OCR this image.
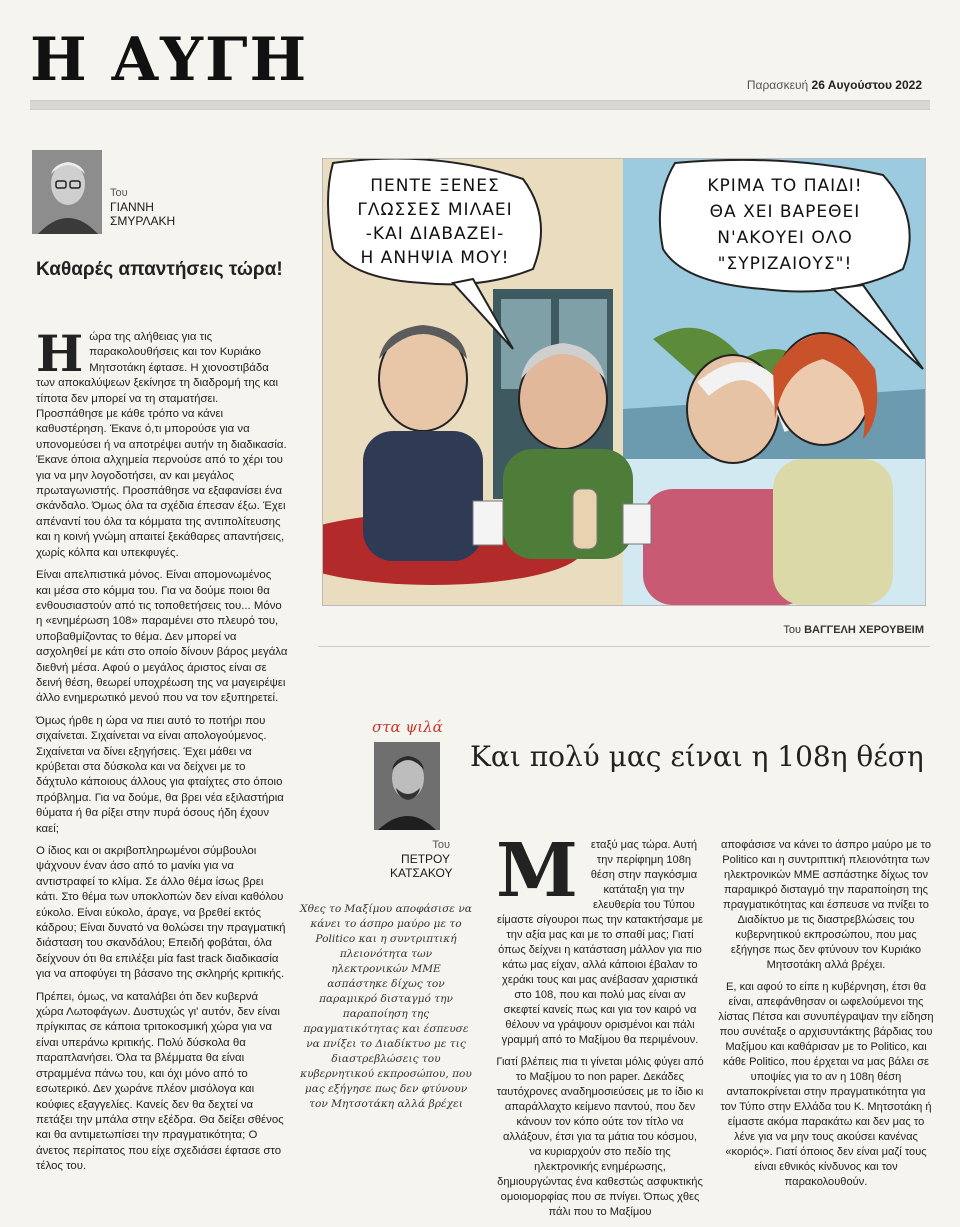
Η ΑΥΓΗ	Παρασκευή 26 Αυγούστου 2022
Του
ΓΙΑΝΝΗ ΣΜΥΡΛΑΚΗ
Καθαρές απαντήσεις τώρα!

Ηώρα της αλήθειας για τις παρακολουθήσεις και τον Κυριάκο Μητσοτάκη έφτασε. Η χιονοστιβάδα των αποκαλύψεων ξεκίνησε τη διαδρομή της και τίποτα δεν μπορεί να τη σταματήσει. Προσπάθησε με κάθε τρόπο να κάνει καθυστέρηση. Έκανε ό,τι μπορούσε για να υπονομεύσει ή να αποτρέψει αυτήν τη διαδικασία. Έκανε όποια αλχημεία περνούσε από το χέρι του για να μην λογοδοτήσει, αν και μεγάλος πρωταγωνιστής. Προσπάθησε να εξαφανίσει ένα σκάνδαλο. Όμως όλα τα σχέδια έπεσαν έξω. Έχει απέναντί του όλα τα κόμματα της αντιπολίτευσης και η κοινή γνώμη απαιτεί ξεκάθαρες απαντήσεις, χωρίς κόλπα και υπεκφυγές.

Είναι απελπιστικά μόνος. Είναι απομονωμένος και μέσα στο κόμμα του. Για να δούμε ποιοι θα ενθουσιαστούν από τις τοποθετήσεις του... Μόνο η «ενημέρωση 108» παραμένει στο πλευρό του, υποβαθμίζοντας το θέμα. Δεν μπορεί να ασχοληθεί με κάτι στο οποίο δίνουν βάρος μεγάλα διεθνή μέσα. Αφού ο μεγάλος άριστος είναι σε δεινή θέση, θεωρεί υποχρέωση της να μαγειρέψει άλλο ενημερωτικό μενού που να τον εξυπηρετεί.

Όμως ήρθε η ώρα να πιει αυτό το ποτήρι που σιχαίνεται. Σιχαίνεται να είναι απολογούμενος. Σιχαίνεται να δίνει εξηγήσεις. Έχει μάθει να κρύβεται στα δύσκολα και να δείχνει με το δάχτυλο κάποιους άλλους για φταίχτες στο όποιο πρόβλημα. Για να δούμε, θα βρει νέα εξιλαστήρια θύματα ή θα ρίξει στην πυρά όσους ήδη έχουν καεί;

Ο ίδιος και οι ακριβοπληρωμένοι σύμβουλοι ψάχνουν έναν άσο από το μανίκι για να αντιστραφεί το κλίμα. Σε άλλο θέμα ίσως βρει κάτι. Στο θέμα των υποκλοπών δεν είναι καθόλου εύκολο. Είναι εύκολο, άραγε, να βρεθεί εκτός κάδρου; Είναι δυνατό να θολώσει την πραγματική διάσταση του σκανδάλου; Επειδή φοβάται, όλα δείχνουν ότι θα επιλέξει μία fast track διαδικασία για να αποφύγει τη βάσανο της σκληρής κριτικής.

Πρέπει, όμως, να καταλάβει ότι δεν κυβερνά χώρα Λωτοφάγων. Δυστυχώς γι' αυτόν, δεν είναι πρίγκιπας σε κάποια τριτοκοσμική χώρα για να είναι υπεράνω κριτικής. Πολύ δύσκολα θα παραπλανήσει. Όλα τα βλέμματα θα είναι στραμμένα πάνω του, και όχι μόνο από το εσωτερικό. Δεν χωράνε πλέον μισόλογα και κούφιες εξαγγελίες. Κανείς δεν θα δεχτεί να πετάξει την μπάλα στην εξέδρα. Θα δείξει σθένος και θα αντιμετωπίσει την πραγματικότητα; Ο άνετος περίπατος που είχε σχεδιάσει έφτασε στο τέλος του.

ΠΕΝΤΕ ΞΕΝΕΣ
ΓΛΩΣΣΕΣ ΜΙΛΑΕΙ
-ΚΑΙ ΔΙΑΒΑΖΕΙ-
Η ΑΝΗΨΙΑ ΜΟΥ!
ΚΡΙΜΑ ΤΟ ΠΑΙΔΙ!
ΘΑ ΧΕΙ ΒΑΡΕΘΕΙ
Ν'ΑΚΟΥΕΙ ΟΛΟ
"ΣΥΡΙΖΑΙΟΥΣ"!
Του ΒΑΓΓΕΛΗ ΧΕΡΟΥΒΕΙΜ
στα ψιλά
Και πολύ μας είναι η 108η θέση
Του
ΠΕΤΡΟΥ ΚΑΤΣΑΚΟΥ
Χθες το Μαξίμου αποφάσισε να κάνει το άσπρο μαύρο με το Politico και η συντριπτική πλειονότητα των ηλεκτρονικών ΜΜΕ ασπάστηκε δίχως τον παραμικρό δισταγμό την παραποίηση της πραγματικότητας και έσπευσε να πνίξει το Διαδίκτυο με τις διαστρεβλώσεις του κυβερνητικού εκπροσώπου, που μας εξήγησε πως δεν φτύνουν τον Μητσοτάκη αλλά βρέχει

Μ εταξύ μας τώρα. Αυτή την περίφημη 108η θέση στην παγκόσμια κατάταξη για την ελευθερία του Τύπου είμαστε σίγουροι πως την κατακτήσαμε με την αξία μας και με το σπαθί μας; Γιατί όπως δείχνει η κατάσταση μάλλον για πιο κάτω μας είχαν, αλλά κάποιοι έβαλαν το χεράκι τους και μας ανέβασαν χαριστικά στο 108, που και πολύ μας είναι αν σκεφτεί κανείς πως και για τον καιρό να θέλουν να γράψουν ορισμένοι και πάλι γραμμή από το Μαξίμου θα περιμένουν.

Γιατί βλέπεις πια τι γίνεται μόλις φύγει από το Μαξίμου το non paper. Δεκάδες ταυτόχρονες αναδημοσιεύσεις με το ίδιο κι απαράλλαχτο κείμενο παντού, που δεν κάνουν τον κόπο ούτε τον τίτλο να αλλάξουν, έτσι για τα μάτια του κόσμου, να κυριαρχούν στο πεδίο της ηλεκτρονικής ενημέρωσης, δημιουργώντας ένα καθεστώς ασφυκτικής ομοιομορφίας που σε πνίγει. Όπως χθες πάλι που το Μαξίμου

αποφάσισε να κάνει το άσπρο μαύρο με το Politico και η συντριπτική πλειονότητα των ηλεκτρονικών ΜΜΕ ασπάστηκε δίχως τον παραμικρό δισταγμό την παραποίηση της πραγματικότητας και έσπευσε να πνίξει το Διαδίκτυο με τις διαστρεβλώσεις του κυβερνητικού εκπροσώπου, που μας εξήγησε πως δεν φτύνουν τον Κυριάκο Μητσοτάκη αλλά βρέχει.

Ε, και αφού το είπε η κυβέρνηση, έτσι θα είναι, απεφάνθησαν οι ωφελούμενοι της λίστας Πέτσα και συνυπέγραψαν την είδηση που συνέταξε ο αρχισυντάκτης βάρδιας του Μαξίμου και καθάρισαν με το Politico, και κάθε Politico, που έρχεται να μας βάλει σε υποψίες για το αν η 108η θέση ανταποκρίνεται στην πραγματικότητα για τον Τύπο στην Ελλάδα του Κ. Μητσοτάκη ή είμαστε ακόμα παρακάτω και δεν μας το λένε για να μην τους ακούσει κανένας «κοριός». Γιατί όποιος δεν είναι μαζί τους είναι εθνικός κίνδυνος και τον παρακολουθούν.
